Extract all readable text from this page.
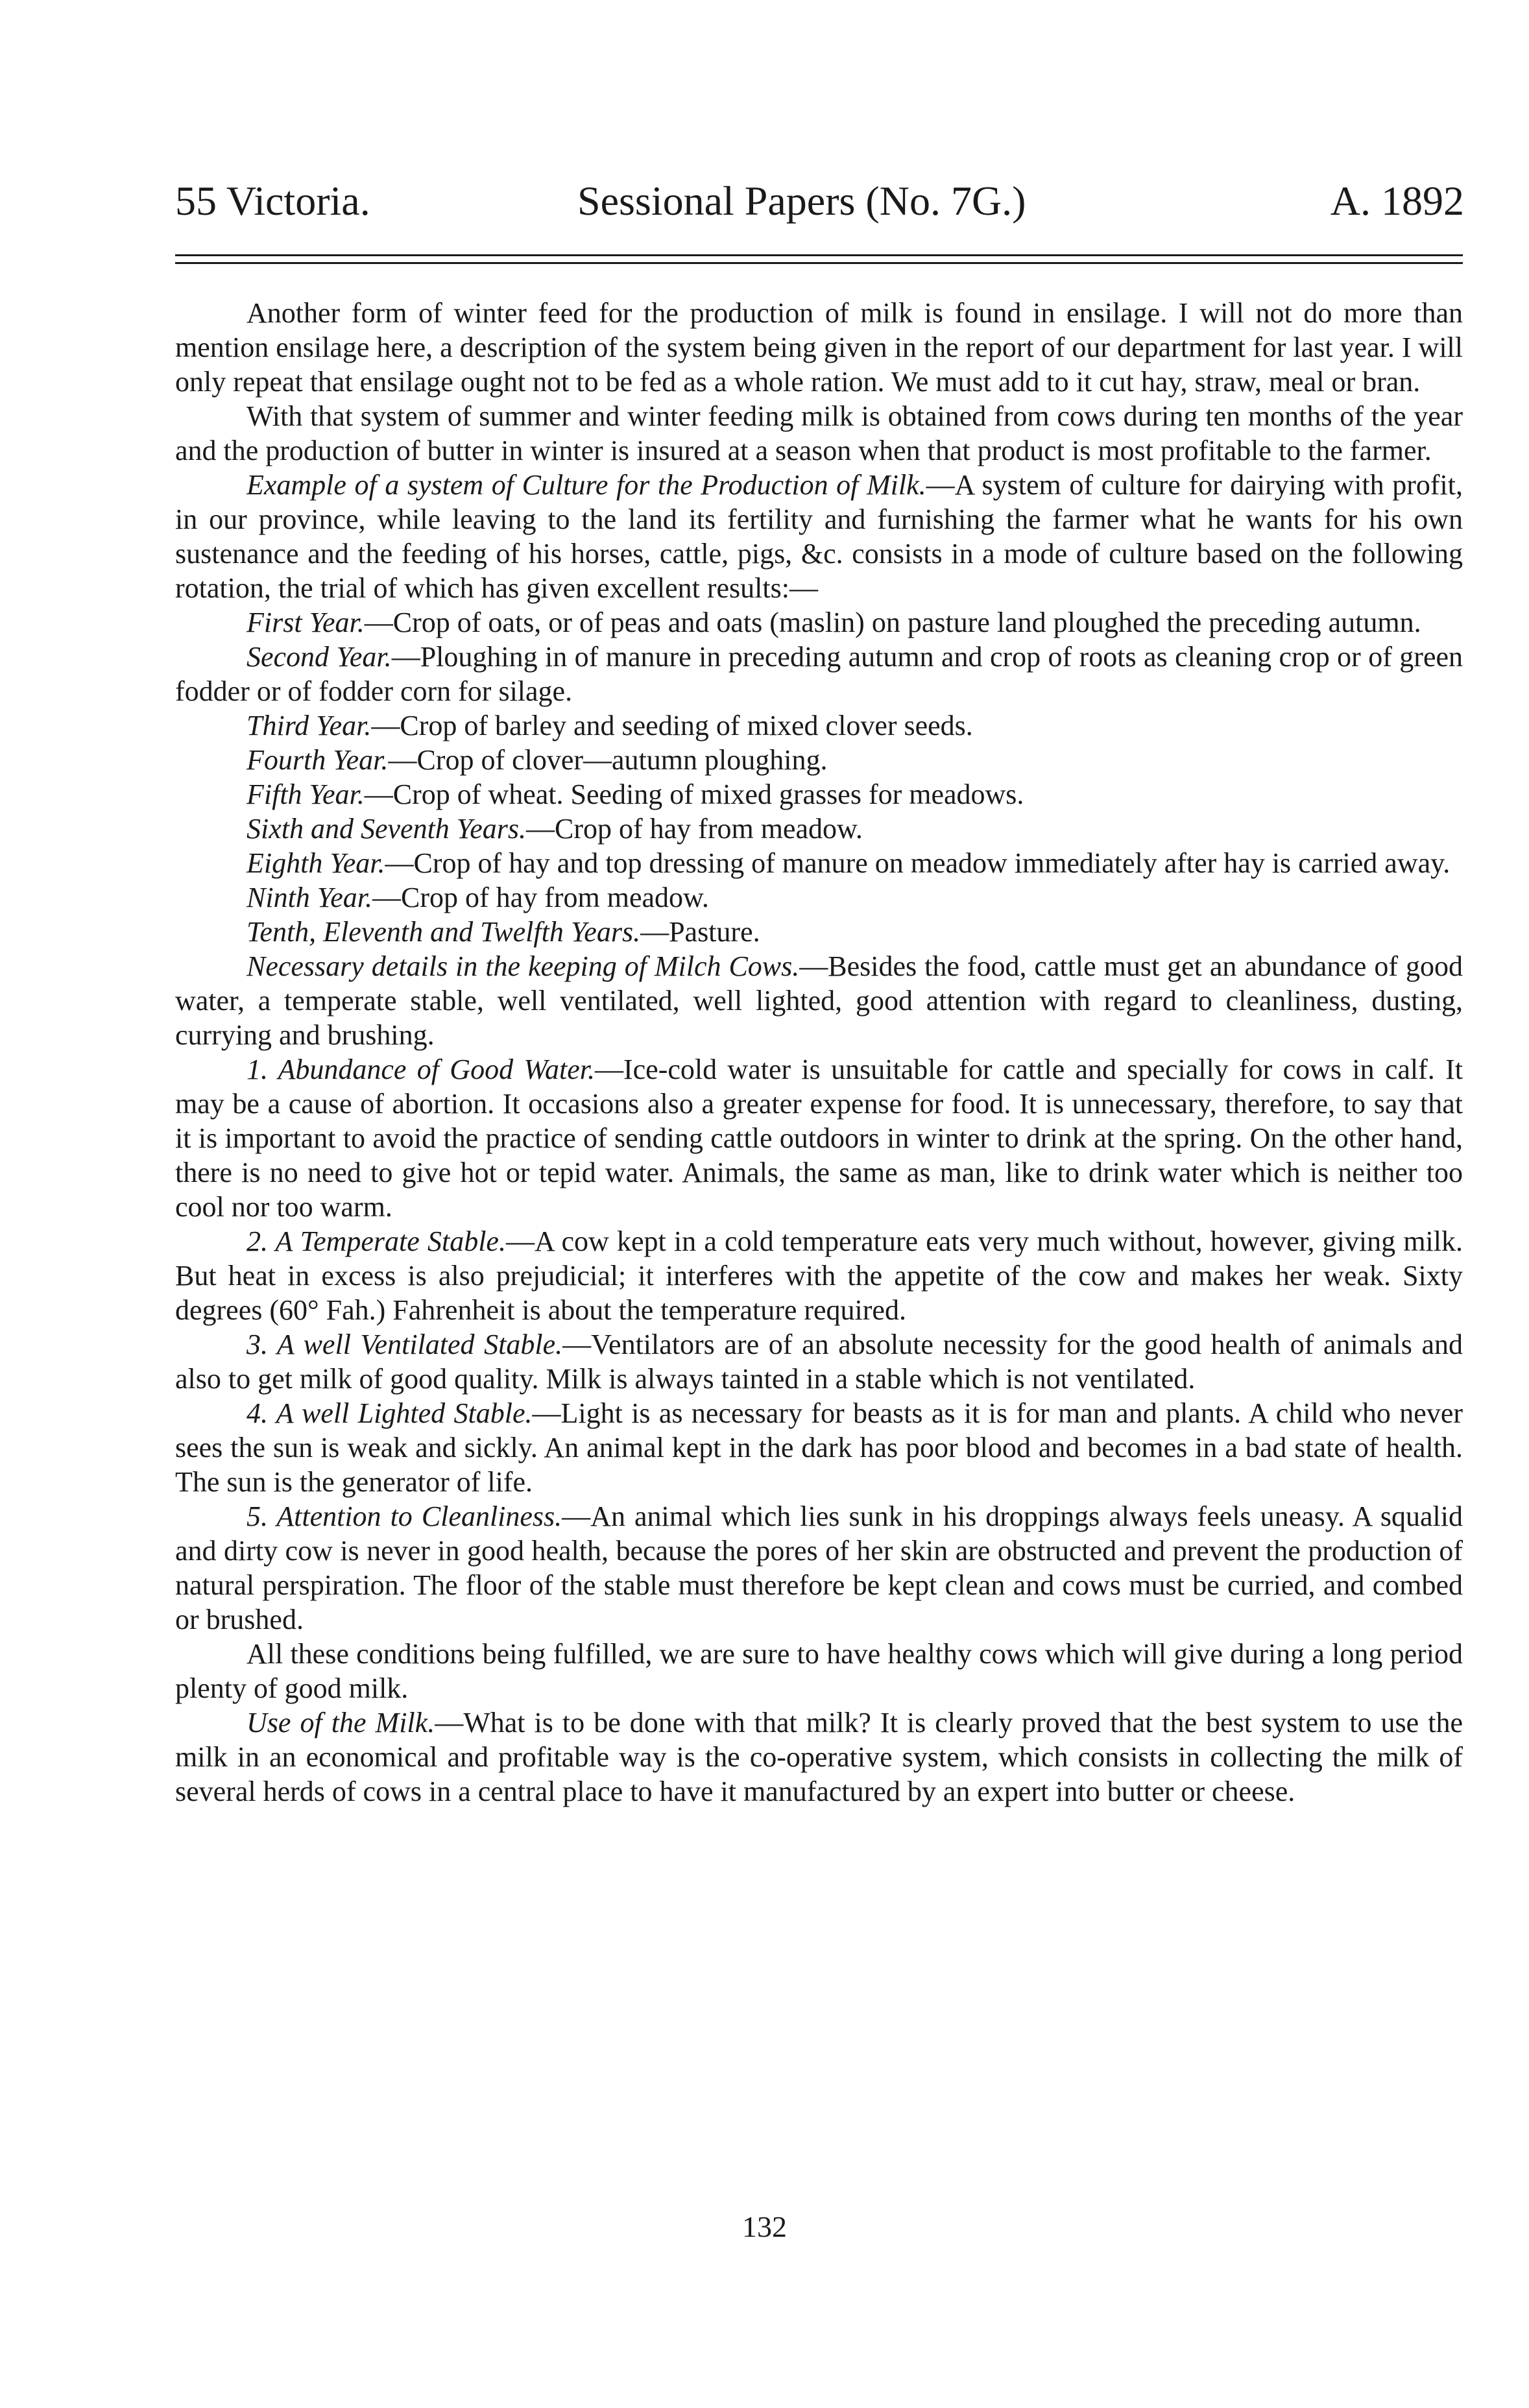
55 Victoria.	Sessional Papers (No. 7G.)	A. 1892

Another form of winter feed for the production of milk is found in ensilage. I will not do more than mention ensilage here, a description of the system being given in the report of our department for last year. I will only repeat that ensilage ought not to be fed as a whole ration. We must add to it cut hay, straw, meal or bran.

With that system of summer and winter feeding milk is obtained from cows during ten months of the year and the production of butter in winter is insured at a season when that product is most profitable to the farmer.

Example of a system of Culture for the Production of Milk.—A system of culture for dairying with profit, in our province, while leaving to the land its fertility and furnishing the farmer what he wants for his own sustenance and the feeding of his horses, cattle, pigs, &c. consists in a mode of culture based on the following rotation, the trial of which has given excellent results:—

First Year.—Crop of oats, or of peas and oats (maslin) on pasture land ploughed the preceding autumn.

Second Year.—Ploughing in of manure in preceding autumn and crop of roots as cleaning crop or of green fodder or of fodder corn for silage.

Third Year.—Crop of barley and seeding of mixed clover seeds.

Fourth Year.—Crop of clover—autumn ploughing.

Fifth Year.—Crop of wheat. Seeding of mixed grasses for meadows.

Sixth and Seventh Years.—Crop of hay from meadow.

Eighth Year.—Crop of hay and top dressing of manure on meadow immediately after hay is carried away.

Ninth Year.—Crop of hay from meadow.

Tenth, Eleventh and Twelfth Years.—Pasture.

Necessary details in the keeping of Milch Cows.—Besides the food, cattle must get an abundance of good water, a temperate stable, well ventilated, well lighted, good attention with regard to cleanliness, dusting, currying and brushing.

1. Abundance of Good Water.—Ice-cold water is unsuitable for cattle and specially for cows in calf. It may be a cause of abortion. It occasions also a greater expense for food. It is unnecessary, therefore, to say that it is important to avoid the practice of sending cattle outdoors in winter to drink at the spring. On the other hand, there is no need to give hot or tepid water. Animals, the same as man, like to drink water which is neither too cool nor too warm.

2. A Temperate Stable.—A cow kept in a cold temperature eats very much without, however, giving milk. But heat in excess is also prejudicial; it interferes with the appetite of the cow and makes her weak. Sixty degrees (60° Fah.) Fahrenheit is about the temperature required.

3. A well Ventilated Stable.—Ventilators are of an absolute necessity for the good health of animals and also to get milk of good quality. Milk is always tainted in a stable which is not ventilated.

4. A well Lighted Stable.—Light is as necessary for beasts as it is for man and plants. A child who never sees the sun is weak and sickly. An animal kept in the dark has poor blood and becomes in a bad state of health. The sun is the generator of life.

5. Attention to Cleanliness.—An animal which lies sunk in his droppings always feels uneasy. A squalid and dirty cow is never in good health, because the pores of her skin are obstructed and prevent the production of natural perspiration. The floor of the stable must therefore be kept clean and cows must be curried, and combed or brushed.

All these conditions being fulfilled, we are sure to have healthy cows which will give during a long period plenty of good milk.

Use of the Milk.—What is to be done with that milk? It is clearly proved that the best system to use the milk in an economical and profitable way is the co-operative system, which consists in collecting the milk of several herds of cows in a central place to have it manufactured by an expert into butter or cheese.

132
